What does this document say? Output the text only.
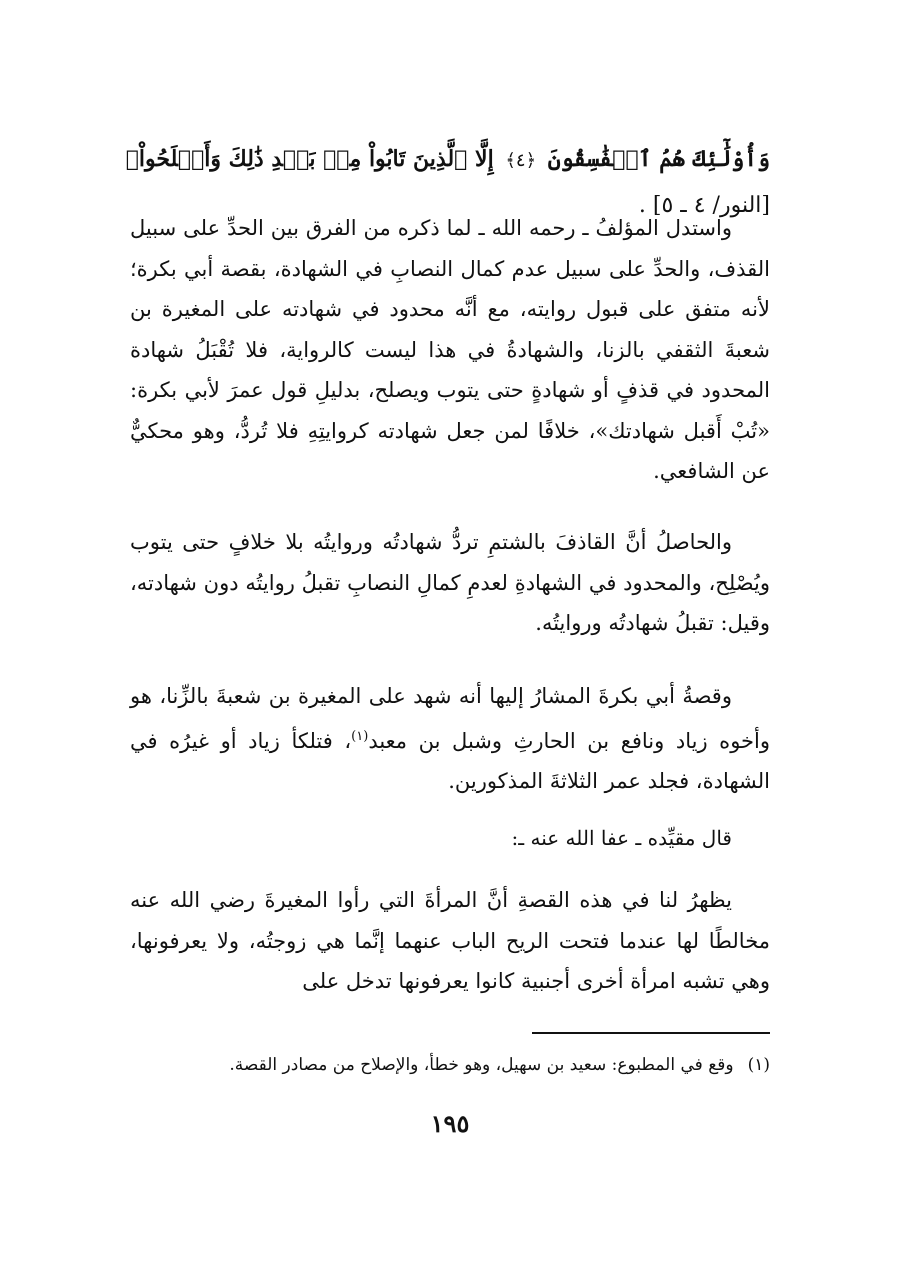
وَأُوْلَٰٓئِكَ هُمُ ٱلۡفَٰسِقُونَ ﴿٤﴾ إِلَّا ٱلَّذِينَ تَابُواْ مِنۢ بَعۡدِ ذَٰلِكَ وَأَصۡلَحُواْ﴾ [النور/ ٤ ـ ٥] .

واستدل المؤلفُ ـ رحمه الله ـ لما ذكره من الفرق بين الحدِّ على سبيل القذف، والحدِّ على سبيل عدم كمال النصابِ في الشهادة، بقصة أبي بكرة؛ لأنه متفق على قبول روايته، مع أنَّه محدود في شهادته على المغيرة بن شعبةَ الثقفي بالزنا، والشهادةُ في هذا ليست كالرواية، فلا تُقْبَلُ شهادة المحدود في قذفٍ أو شهادةٍ حتى يتوب ويصلح، بدليلِ قول عمرَ لأبي بكرة: «تُبْ أَقبل شهادتك»، خلافًا لمن جعل شهادته كروايتِهِ فلا تُردُّ، وهو محكيٌّ عن الشافعي.

والحاصلُ أنَّ القاذفَ بالشتمِ تردُّ شهادتُه وروايتُه بلا خلافٍ حتى يتوب ويُصْلِح، والمحدود في الشهادةِ لعدمِ كمالِ النصابِ تقبلُ روايتُه دون شهادته، وقيل: تقبلُ شهادتُه وروايتُه.

وقصةُ أبي بكرةَ المشارُ إليها أنه شهد على المغيرة بن شعبةَ بالزِّنا، هو وأخوه زياد ونافع بن الحارثِ وشبل بن معبد$^{(١)}$، فتلكأ زياد أو غيرُه في الشهادة، فجلد عمر الثلاثةَ المذكورين.

قال مقيِّده ـ عفا الله عنه ـ:

يظهرُ لنا في هذه القصةِ أنَّ المرأةَ التي رأوا المغيرةَ رضي الله عنه مخالطًا لها عندما فتحت الريح الباب عنهما إنَّما هي زوجتُه، ولا يعرفونها، وهي تشبه امرأة أخرى أجنبية كانوا يعرفونها تدخل على

(١)وقع في المطبوع: سعيد بن سهيل، وهو خطأ، والإصلاح من مصادر القصة.

١٩٥
